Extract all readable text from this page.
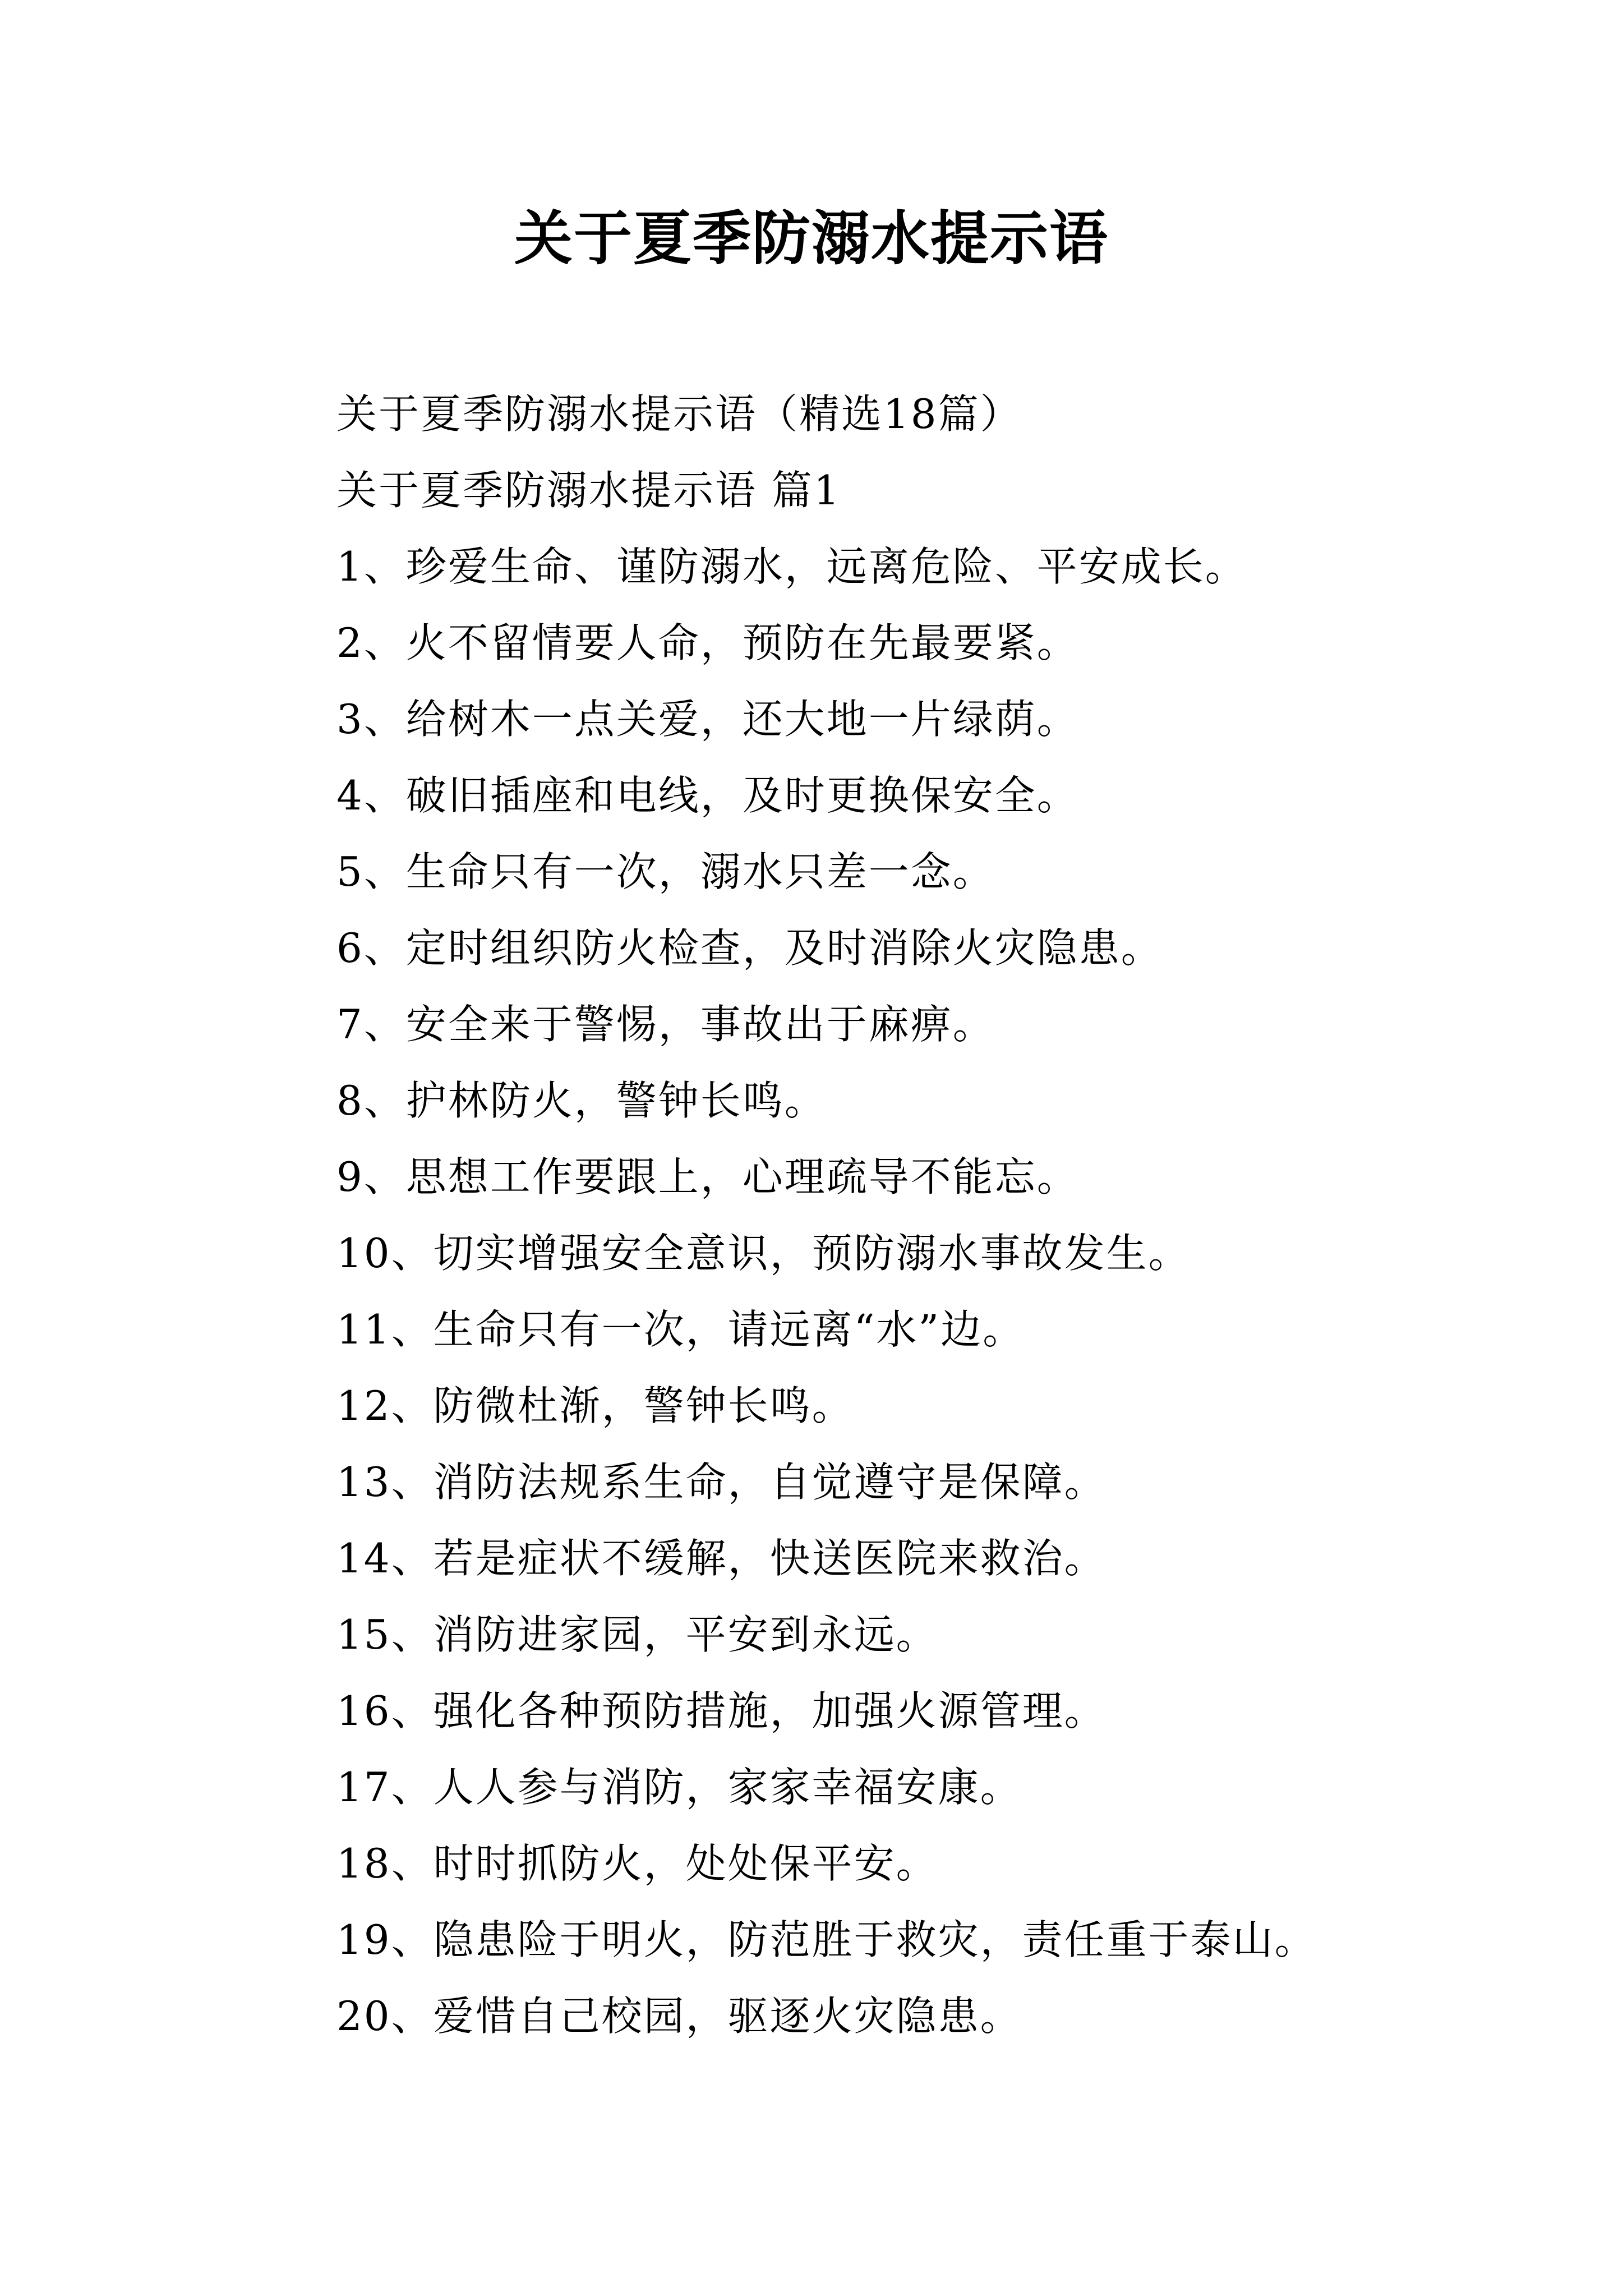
关于夏季防溺水提示语
关于夏季防溺水提示语（精选18篇）
关于夏季防溺水提示语 篇1
1、珍爱生命、谨防溺水，远离危险、平安成长。
2、火不留情要人命，预防在先最要紧。
3、给树木一点关爱，还大地一片绿荫。
4、破旧插座和电线，及时更换保安全。
5、生命只有一次，溺水只差一念。
6、定时组织防火检查，及时消除火灾隐患。
7、安全来于警惕，事故出于麻痹。
8、护林防火，警钟长鸣。
9、思想工作要跟上，心理疏导不能忘。
10、切实增强安全意识，预防溺水事故发生。
11、生命只有一次，请远离“水”边。
12、防微杜渐，警钟长鸣。
13、消防法规系生命，自觉遵守是保障。
14、若是症状不缓解，快送医院来救治。
15、消防进家园，平安到永远。
16、强化各种预防措施，加强火源管理。
17、人人参与消防，家家幸福安康。
18、时时抓防火，处处保平安。
19、隐患险于明火，防范胜于救灾，责任重于泰山。
20、爱惜自己校园，驱逐火灾隐患。
